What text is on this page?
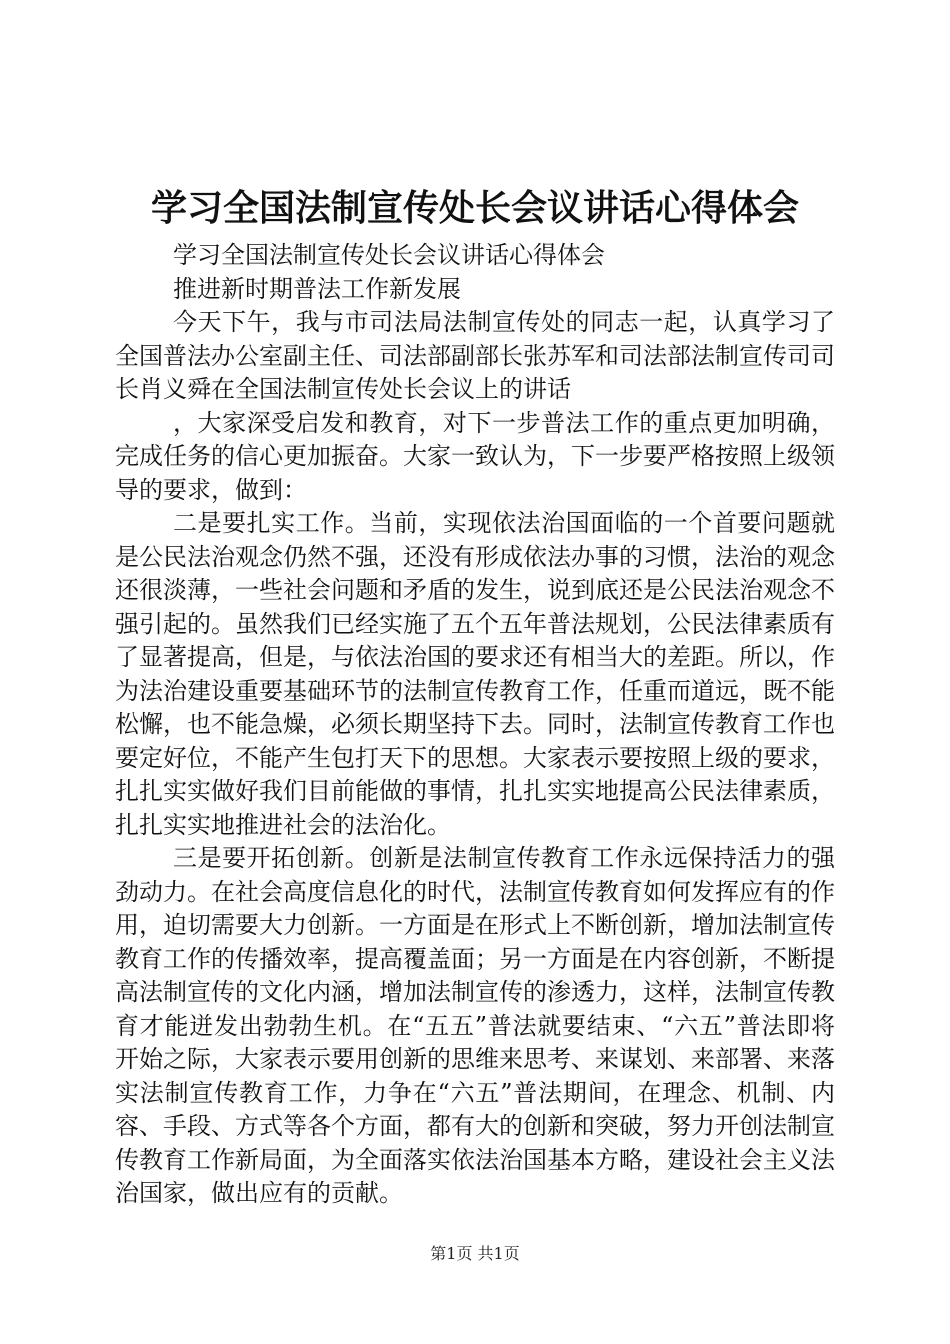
学习全国法制宣传处长会议讲话心得体会

学习全国法制宣传处长会议讲话心得体会

推进新时期普法工作新发展

今天下午，我与市司法局法制宣传处的同志一起，认真学习了全国普法办公室副主任、司法部副部长张苏军和司法部法制宣传司司长肖义舜在全国法制宣传处长会议上的讲话

，大家深受启发和教育，对下一步普法工作的重点更加明确，完成任务的信心更加振奋。大家一致认为，下一步要严格按照上级领导的要求，做到：

二是要扎实工作。当前，实现依法治国面临的一个首要问题就是公民法治观念仍然不强，还没有形成依法办事的习惯，法治的观念还很淡薄，一些社会问题和矛盾的发生，说到底还是公民法治观念不强引起的。虽然我们已经实施了五个五年普法规划，公民法律素质有了显著提高，但是，与依法治国的要求还有相当大的差距。所以，作为法治建设重要基础环节的法制宣传教育工作，任重而道远，既不能松懈，也不能急燥，必须长期坚持下去。同时，法制宣传教育工作也要定好位，不能产生包打天下的思想。大家表示要按照上级的要求，扎扎实实做好我们目前能做的事情，扎扎实实地提高公民法律素质，扎扎实实地推进社会的法治化。

三是要开拓创新。创新是法制宣传教育工作永远保持活力的强劲动力。在社会高度信息化的时代，法制宣传教育如何发挥应有的作用，迫切需要大力创新。一方面是在形式上不断创新，增加法制宣传教育工作的传播效率，提高覆盖面；另一方面是在内容创新，不断提高法制宣传的文化内涵，增加法制宣传的渗透力，这样，法制宣传教育才能迸发出勃勃生机。在“五五”普法就要结束、“六五”普法即将开始之际，大家表示要用创新的思维来思考、来谋划、来部署、来落实法制宣传教育工作，力争在“六五”普法期间，在理念、机制、内容、手段、方式等各个方面，都有大的创新和突破，努力开创法制宣传教育工作新局面，为全面落实依法治国基本方略，建设社会主义法治国家，做出应有的贡献。

第1页 共1页
